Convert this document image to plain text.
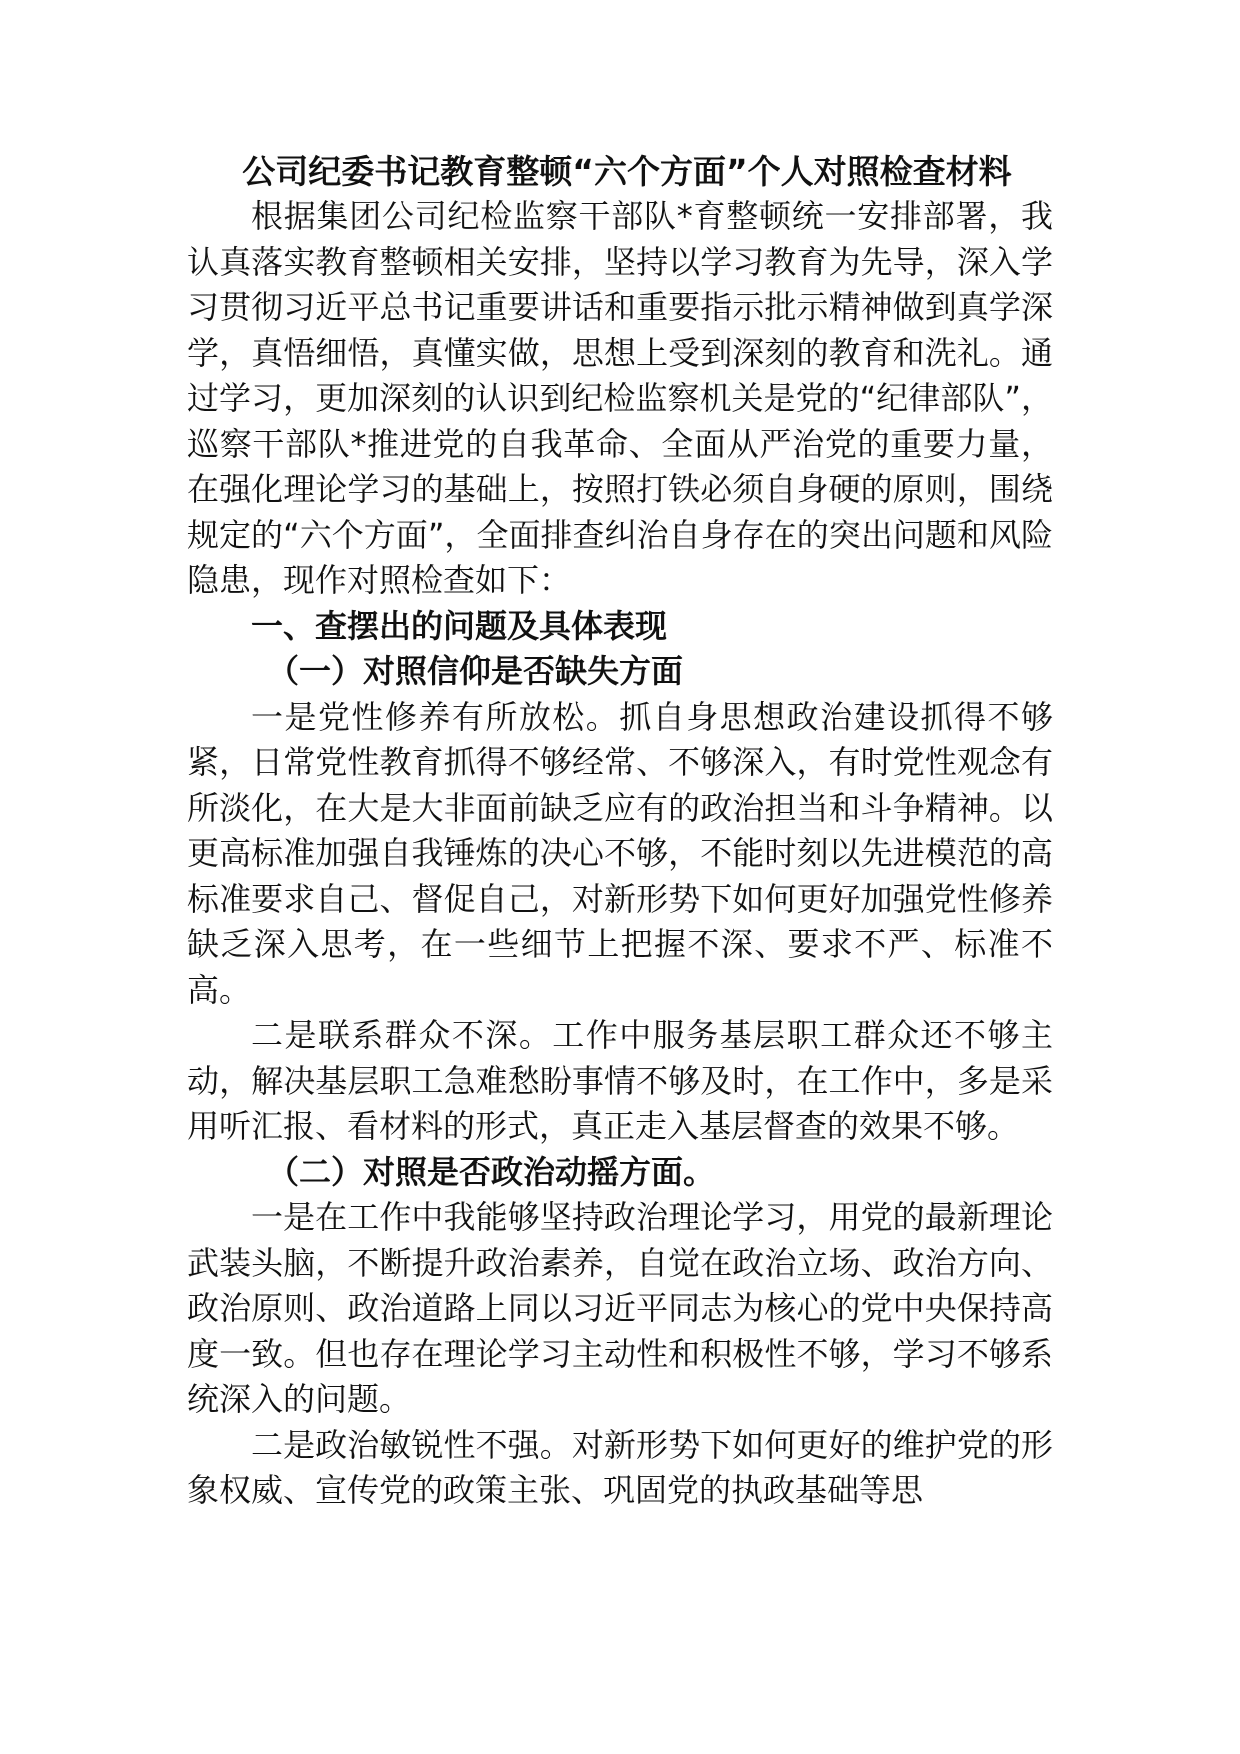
公司纪委书记教育整顿“六个方面”个人对照检查材料

根据集团公司纪检监察干部队*育整顿统一安排部署，我认真落实教育整顿相关安排，坚持以学习教育为先导，深入学习贯彻习近平总书记重要讲话和重要指示批示精神做到真学深学，真悟细悟，真懂实做，思想上受到深刻的教育和洗礼。通过学习，更加深刻的认识到纪检监察机关是党的“纪律部队”，巡察干部队*推进党的自我革命、全面从严治党的重要力量，在强化理论学习的基础上，按照打铁必须自身硬的原则，围绕规定的“六个方面”，全面排查纠治自身存在的突出问题和风险隐患，现作对照检查如下：

一、查摆出的问题及具体表现
（一）对照信仰是否缺失方面

一是党性修养有所放松。抓自身思想政治建设抓得不够紧，日常党性教育抓得不够经常、不够深入，有时党性观念有所淡化，在大是大非面前缺乏应有的政治担当和斗争精神。以更高标准加强自我锤炼的决心不够，不能时刻以先进模范的高标准要求自己、督促自己，对新形势下如何更好加强党性修养缺乏深入思考，在一些细节上把握不深、要求不严、标准不高。

二是联系群众不深。工作中服务基层职工群众还不够主动，解决基层职工急难愁盼事情不够及时，在工作中，多是采用听汇报、看材料的形式，真正走入基层督查的效果不够。

（二）对照是否政治动摇方面。

一是在工作中我能够坚持政治理论学习，用党的最新理论武装头脑，不断提升政治素养，自觉在政治立场、政治方向、政治原则、政治道路上同以习近平同志为核心的党中央保持高度一致。但也存在理论学习主动性和积极性不够，学习不够系统深入的问题。

二是政治敏锐性不强。对新形势下如何更好的维护党的形象权威、宣传党的政策主张、巩固党的执政基础等思
